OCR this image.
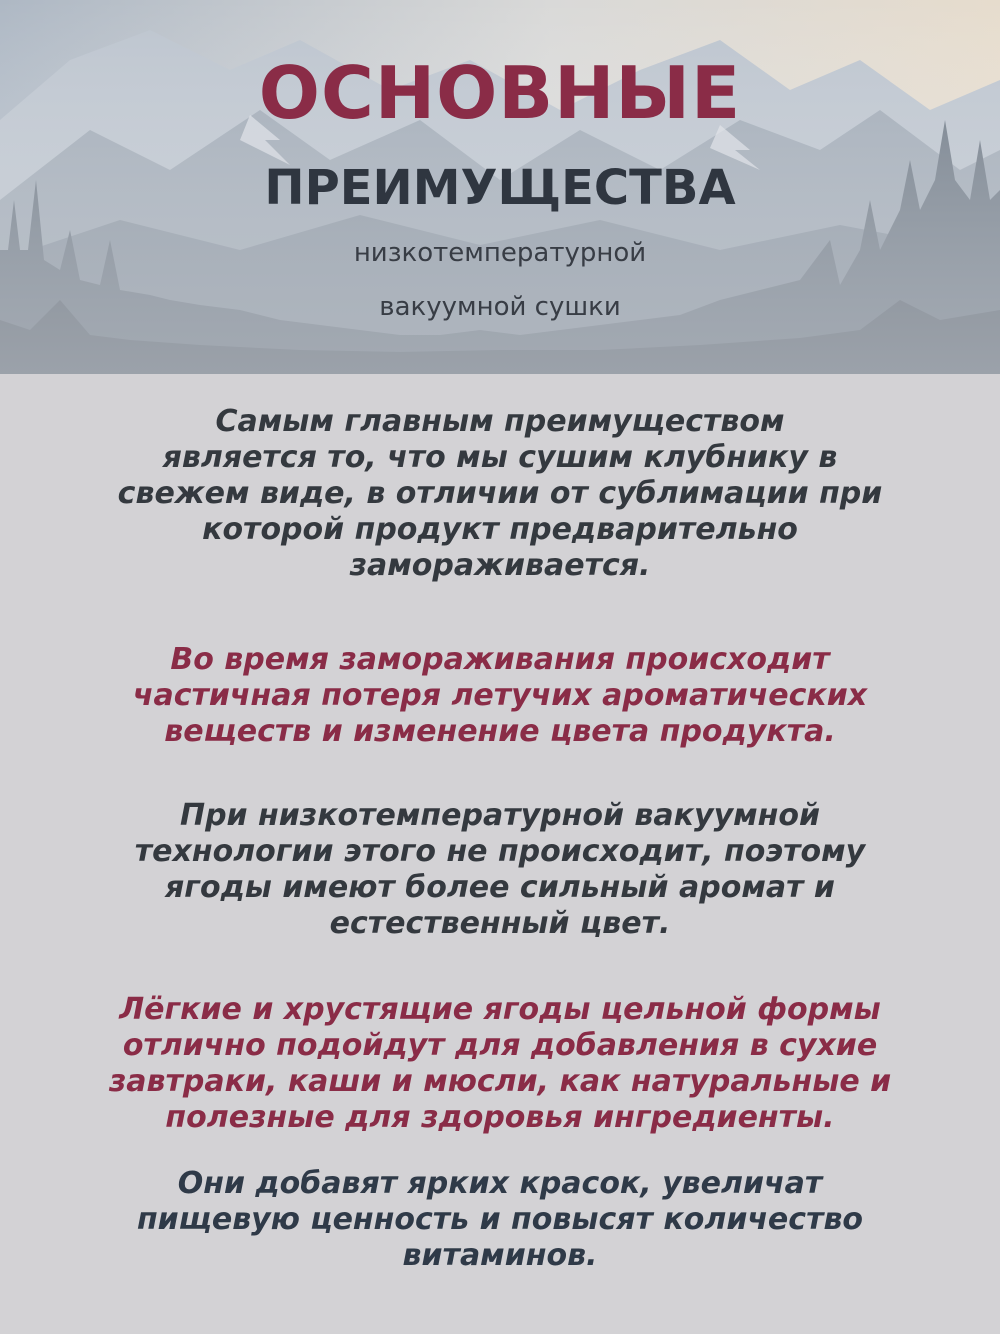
ОСНОВНЫЕ
ПРЕИМУЩЕСТВА
низкотемпературной
вакуумной сушки

Самым главным преимуществом
является то, что мы сушим клубнику в
свежем виде, в отличии от сублимации при
которой продукт предварительно
замораживается.

Во время замораживания происходит
частичная потеря летучих ароматических
веществ и изменение цвета продукта.

При низкотемпературной вакуумной
технологии этого не происходит, поэтому
ягоды имеют более сильный аромат и
естественный цвет.

Лёгкие и хрустящие ягоды цельной формы
отлично подойдут для добавления в сухие
завтраки, каши и мюсли, как натуральные и
полезные для здоровья ингредиенты.

Они добавят ярких красок, увеличат
пищевую ценность и повысят количество
витаминов.
